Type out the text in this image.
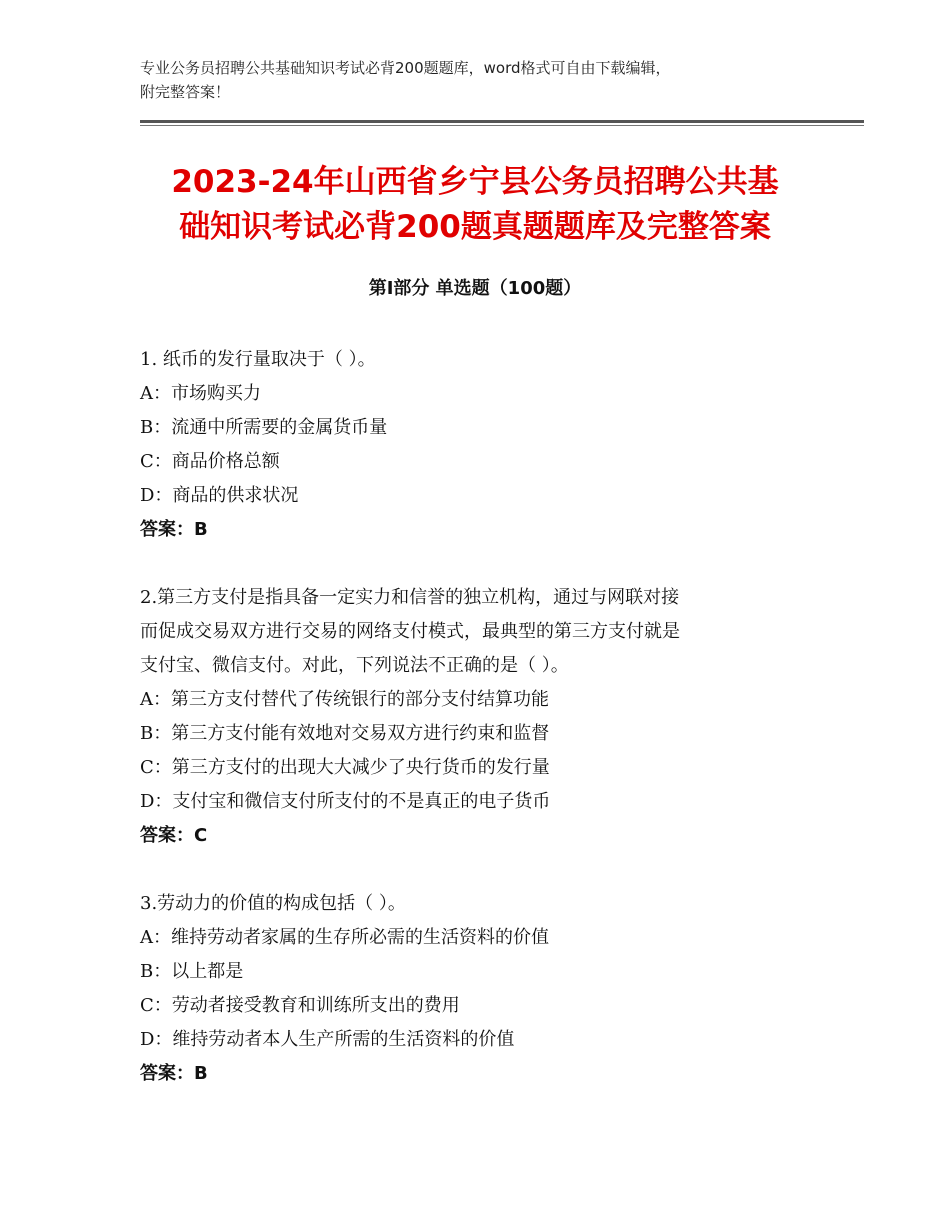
专业公务员招聘公共基础知识考试必背200题题库，word格式可自由下载编辑，
附完整答案！
2023-24年山西省乡宁县公务员招聘公共基
础知识考试必背200题真题题库及完整答案
第Ⅰ部分 单选题（100题）
1. 纸币的发行量取决于（ ）。
A：市场购买力
B：流通中所需要的金属货币量
C：商品价格总额
D：商品的供求状况
答案：B
2.第三方支付是指具备一定实力和信誉的独立机构，通过与网联对接
而促成交易双方进行交易的网络支付模式，最典型的第三方支付就是
支付宝、微信支付。对此，下列说法不正确的是（ ）。
A：第三方支付替代了传统银行的部分支付结算功能
B：第三方支付能有效地对交易双方进行约束和监督
C：第三方支付的出现大大减少了央行货币的发行量
D：支付宝和微信支付所支付的不是真正的电子货币
答案：C
3.劳动力的价值的构成包括（ ）。
A：维持劳动者家属的生存所必需的生活资料的价值
B：以上都是
C：劳动者接受教育和训练所支出的费用
D：维持劳动者本人生产所需的生活资料的价值
答案：B
